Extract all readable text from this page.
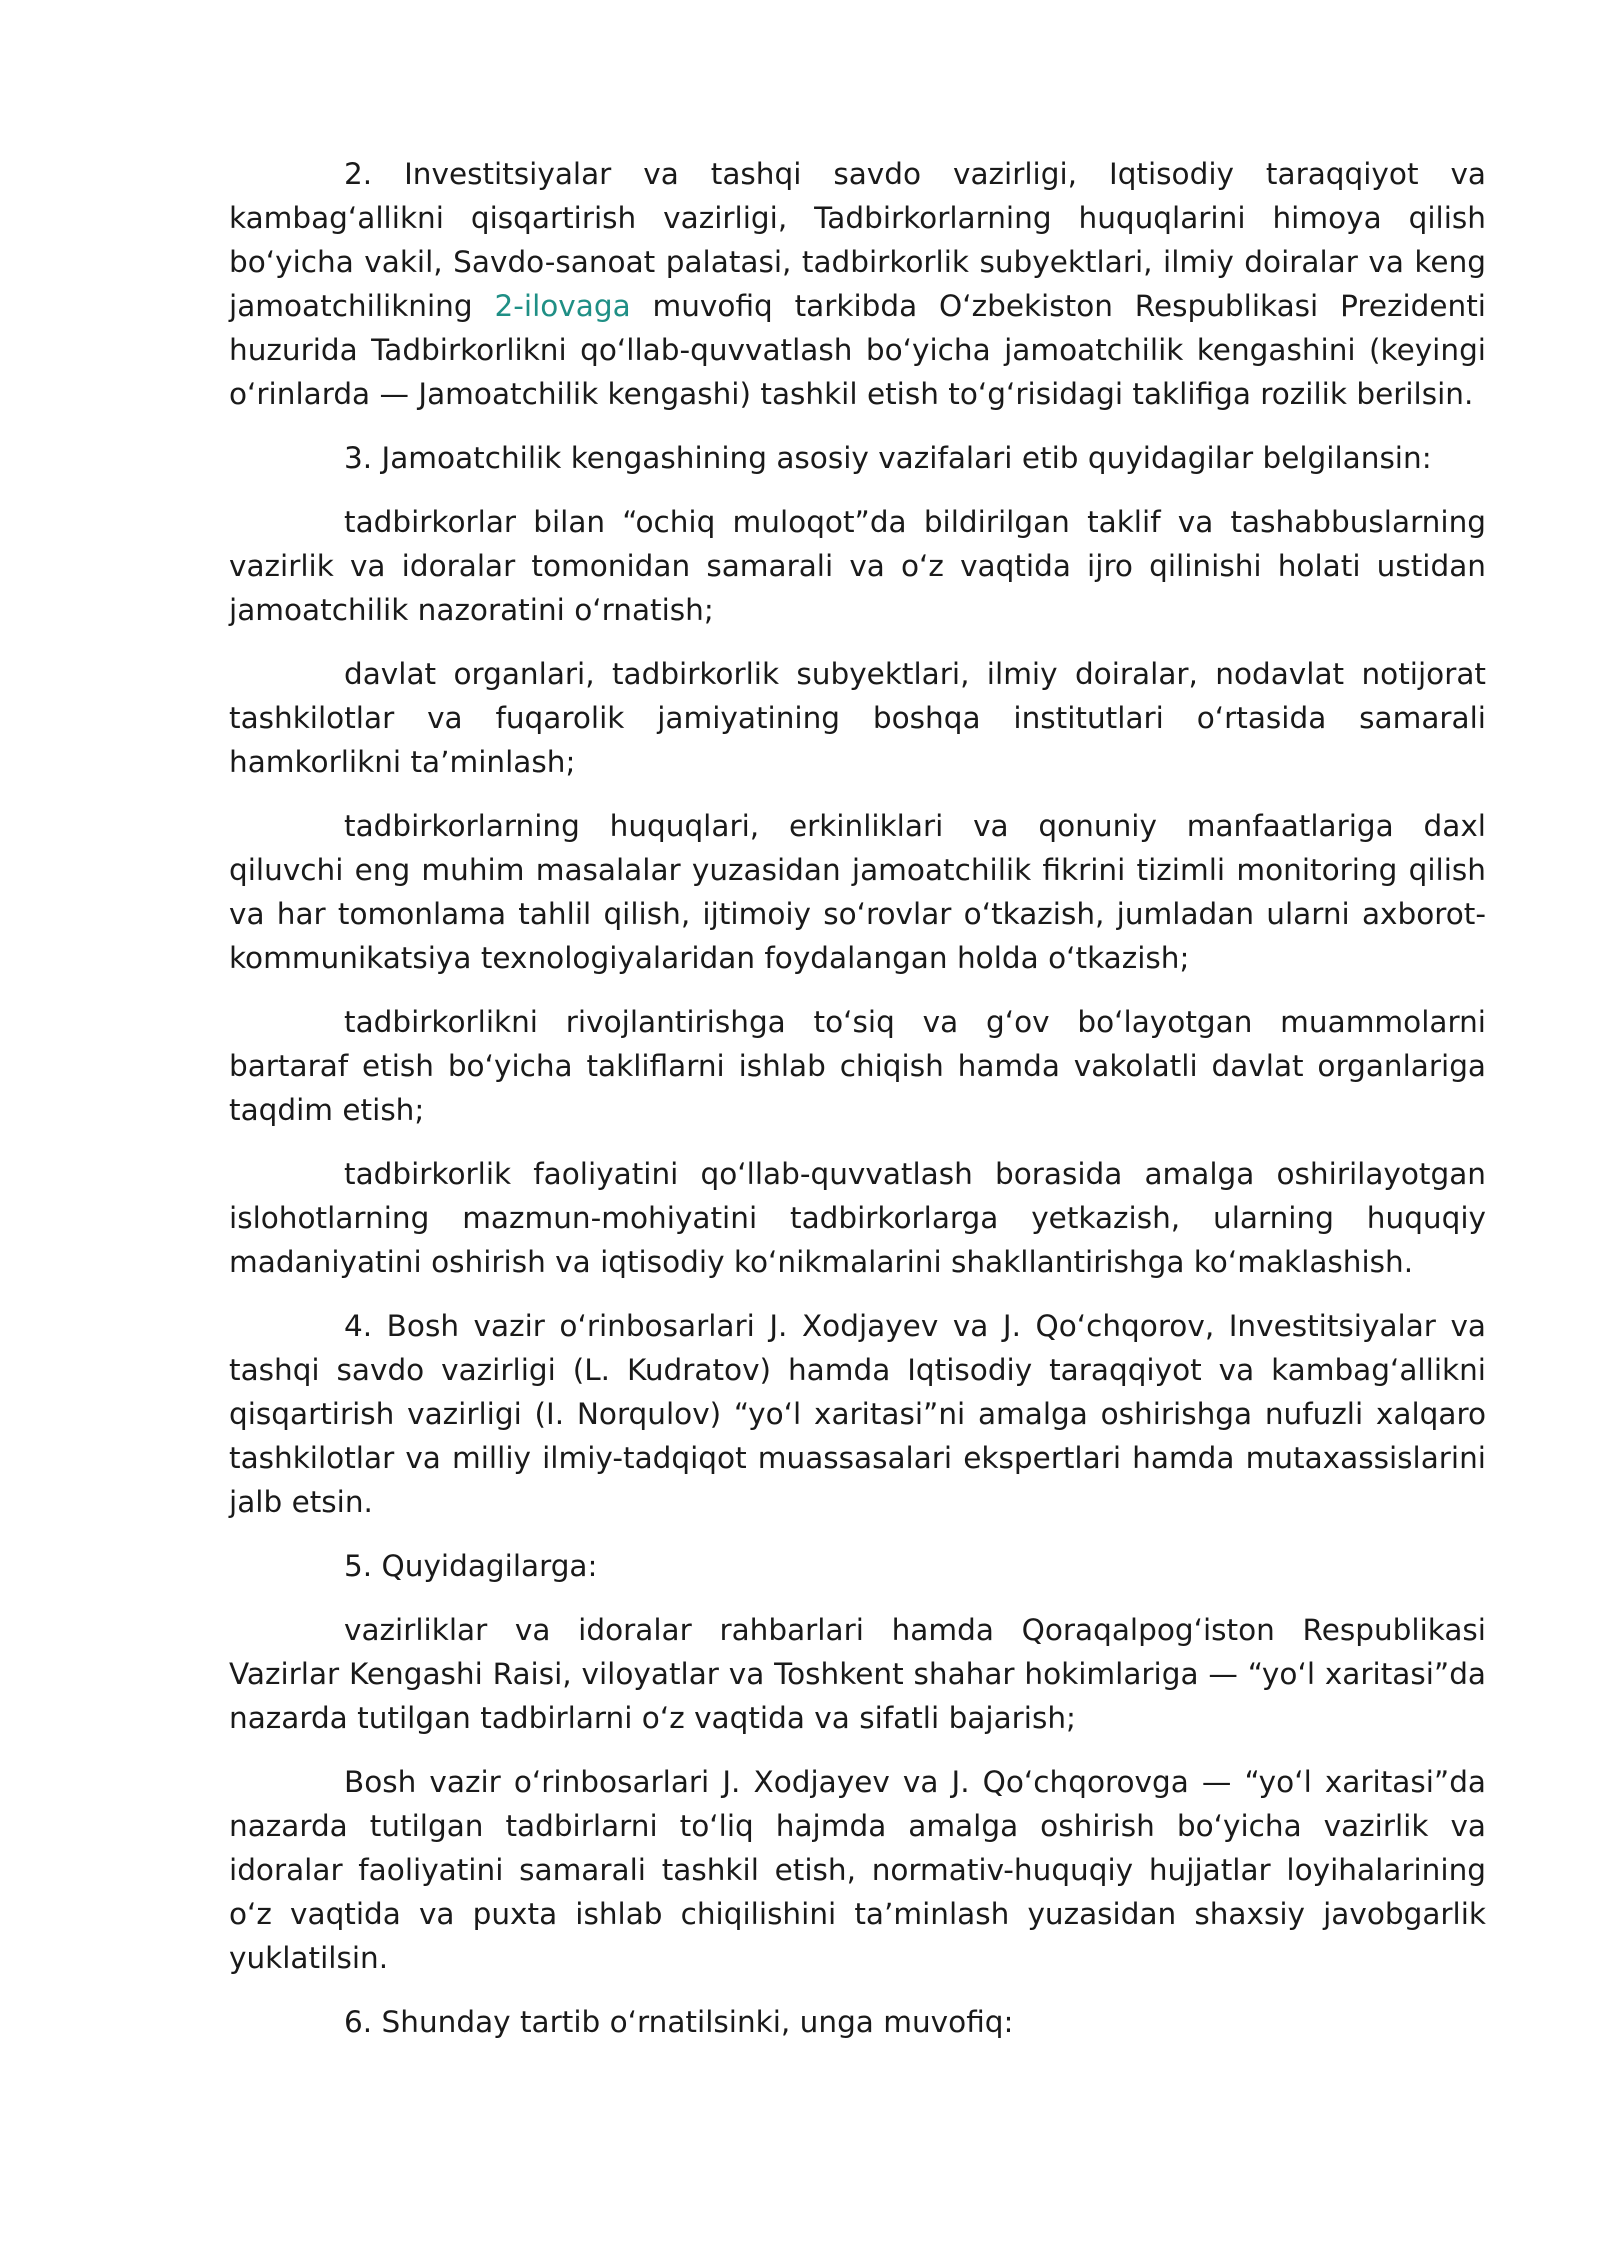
2. Investitsiyalar va tashqi savdo vazirligi, Iqtisodiy taraqqiyot va kambag‘allikni qisqartirish vazirligi, Tadbirkorlarning huquqlarini himoya qilish bo‘yicha vakil, Savdo-sanoat palatasi, tadbirkorlik subyektlari, ilmiy doiralar va keng jamoatchilikning 2-ilovaga muvofiq tarkibda O‘zbekiston Respublikasi Prezidenti huzurida Tadbirkorlikni qo‘llab-quvvatlash bo‘yicha jamoatchilik kengashini (keyingi o‘rinlarda — Jamoatchilik kengashi) tashkil etish to‘g‘risidagi taklifiga rozilik berilsin.

3. Jamoatchilik kengashining asosiy vazifalari etib quyidagilar belgilansin:

tadbirkorlar bilan “ochiq muloqot”da bildirilgan taklif va tashabbuslarning vazirlik va idoralar tomonidan samarali va o‘z vaqtida ijro qilinishi holati ustidan jamoatchilik nazoratini o‘rnatish;

davlat organlari, tadbirkorlik subyektlari, ilmiy doiralar, nodavlat notijorat tashkilotlar va fuqarolik jamiyatining boshqa institutlari o‘rtasida samarali hamkorlikni ta’minlash;

tadbirkorlarning huquqlari, erkinliklari va qonuniy manfaatlariga daxl qiluvchi eng muhim masalalar yuzasidan jamoatchilik fikrini tizimli monitoring qilish va har tomonlama tahlil qilish, ijtimoiy so‘rovlar o‘tkazish, jumladan ularni axborot-kommunikatsiya texnologiyalaridan foydalangan holda o‘tkazish;

tadbirkorlikni rivojlantirishga to‘siq va g‘ov bo‘layotgan muammolarni bartaraf etish bo‘yicha takliflarni ishlab chiqish hamda vakolatli davlat organlariga taqdim etish;

tadbirkorlik faoliyatini qo‘llab-quvvatlash borasida amalga oshirilayotgan islohotlarning mazmun-mohiyatini tadbirkorlarga yetkazish, ularning huquqiy madaniyatini oshirish va iqtisodiy ko‘nikmalarini shakllantirishga ko‘maklashish.

4. Bosh vazir o‘rinbosarlari J. Xodjayev va J. Qo‘chqorov, Investitsiyalar va tashqi savdo vazirligi (L. Kudratov) hamda Iqtisodiy taraqqiyot va kambag‘allikni qisqartirish vazirligi (I. Norqulov) “yo‘l xaritasi”ni amalga oshirishga nufuzli xalqaro tashkilotlar va milliy ilmiy-tadqiqot muassasalari ekspertlari hamda mutaxassislarini jalb etsin.

5. Quyidagilarga:

vazirliklar va idoralar rahbarlari hamda Qoraqalpog‘iston Respublikasi Vazirlar Kengashi Raisi, viloyatlar va Toshkent shahar hokimlariga — “yo‘l xaritasi”da nazarda tutilgan tadbirlarni o‘z vaqtida va sifatli bajarish;

Bosh vazir o‘rinbosarlari J. Xodjayev va J. Qo‘chqorovga — “yo‘l xaritasi”da nazarda tutilgan tadbirlarni to‘liq hajmda amalga oshirish bo‘yicha vazirlik va idoralar faoliyatini samarali tashkil etish, normativ-huquqiy hujjatlar loyihalarining o‘z vaqtida va puxta ishlab chiqilishini ta’minlash yuzasidan shaxsiy javobgarlik yuklatilsin.

6. Shunday tartib o‘rnatilsinki, unga muvofiq:
